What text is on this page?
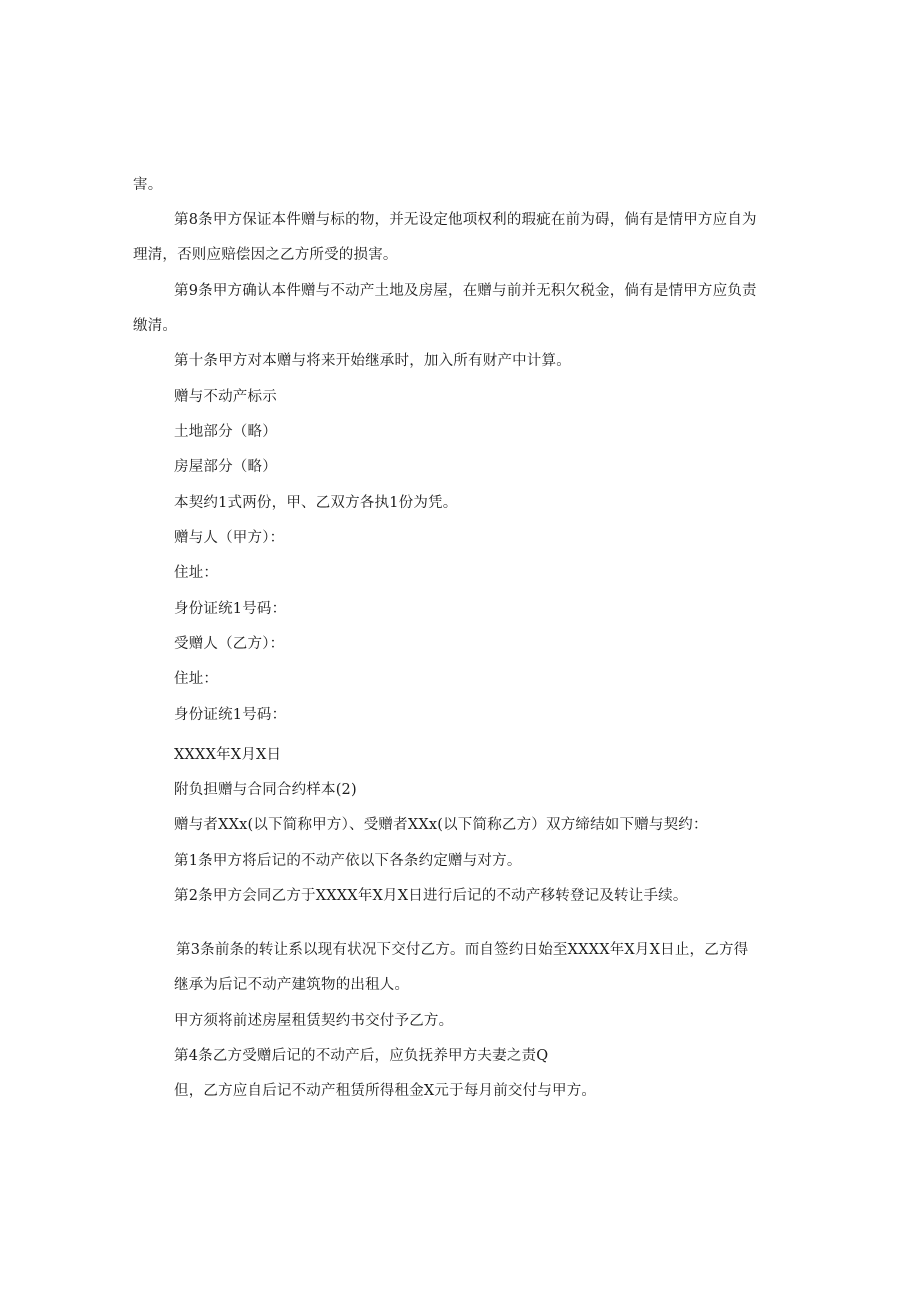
害。
第8条甲方保证本件赠与标的物，并无设定他项权利的瑕疵在前为碍，倘有是情甲方应自为
理清，否则应赔偿因之乙方所受的损害。
第9条甲方确认本件赠与不动产土地及房屋，在赠与前并无积欠税金，倘有是情甲方应负责
缴清。
第十条甲方对本赠与将来开始继承时，加入所有财产中计算。
赠与不动产标示
土地部分（略）
房屋部分（略）
本契约1式两份，甲、乙双方各执1份为凭。
赠与人（甲方）：
住址：
身份证统1号码：
受赠人（乙方）：
住址：
身份证统1号码：
XXXX年X月X日
附负担赠与合同合约样本(2)
赠与者XXx(以下简称甲方）、受赠者XXx(以下简称乙方）双方缔结如下赠与契约：
第1条甲方将后记的不动产依以下各条约定赠与对方。
第2条甲方会同乙方于XXXX年X月X日进行后记的不动产移转登记及转让手续。
第3条前条的转让系以现有状况下交付乙方。而自签约日始至XXXX年X月X日止，乙方得
继承为后记不动产建筑物的出租人。
甲方须将前述房屋租赁契约书交付予乙方。
第4条乙方受赠后记的不动产后，应负抚养甲方夫妻之责Q
但，乙方应自后记不动产租赁所得租金X元于每月前交付与甲方。
